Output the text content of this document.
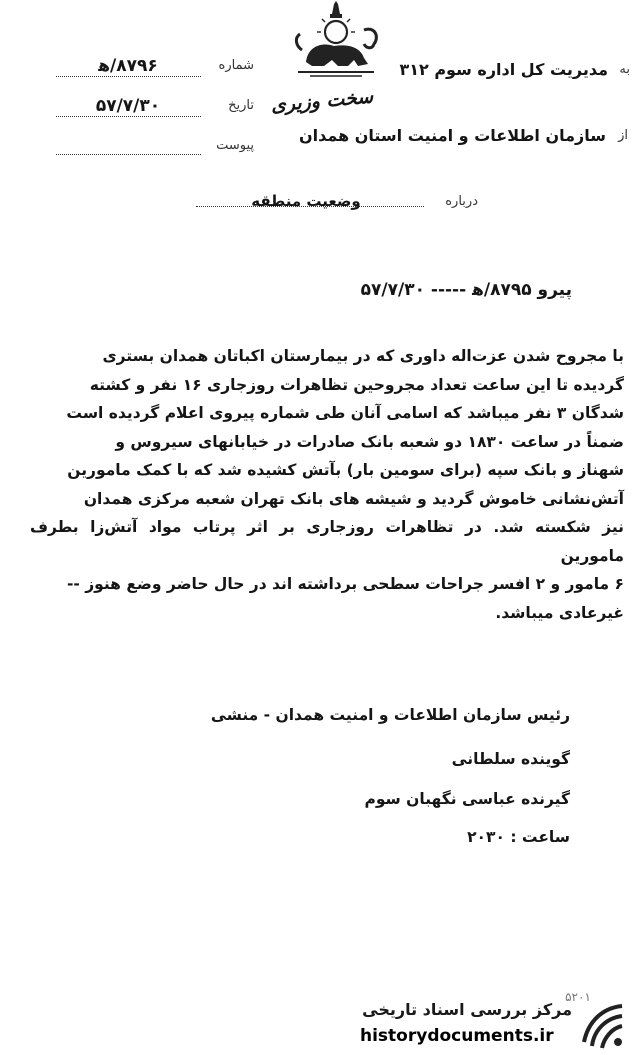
به
مدیریت کل اداره سوم ۳۱۲
سخت وزیری
از
سازمان اطلاعات و امنیت استان همدان
شماره
۸۷۹۶/ه‍
تاریخ
۵۷/۷/۳۰
پیوست
درباره
وضعیت منطقه
پیرو ۸۷۹۵/ه‍ ----- ۵۷/۷/۳۰

با مجروح شدن عزت‌اله داوری که در بیمارستان اکباتان همدان بستری

گردیده تا این ساعت تعداد مجروحین تظاهرات روزجاری ۱۶ نفر و کشته

شدگان ۳ نفر میباشد که اسامی آنان طی شماره پیروی اعلام گردیده است

ضمناً در ساعت ۱۸۳۰ دو شعبه بانک صادرات در خیابانهای سیروس و

شهناز و بانک سپه (برای سومین بار) بآتش کشیده شد که با کمک مامورین

آتش‌نشانی خاموش گردید و شیشه های بانک تهران شعبه مرکزی همدان

نیز شکسته شد. در تظاهرات روزجاری بر اثر پرتاب مواد آتش‌زا بطرف مامورین

۶ مامور و ۲ افسر جراحات سطحی برداشته اند در حال حاضر وضع هنوز --

غیرعادی میباشد.

رئیس سازمان اطلاعات و امنیت همدان - منشی
گوینده سلطانی
گیرنده عباسی نگهبان سوم
ساعت : ۲۰۳۰
۵۲۰۱
مرکز بررسی اسناد تاریخی
historydocuments.ir
